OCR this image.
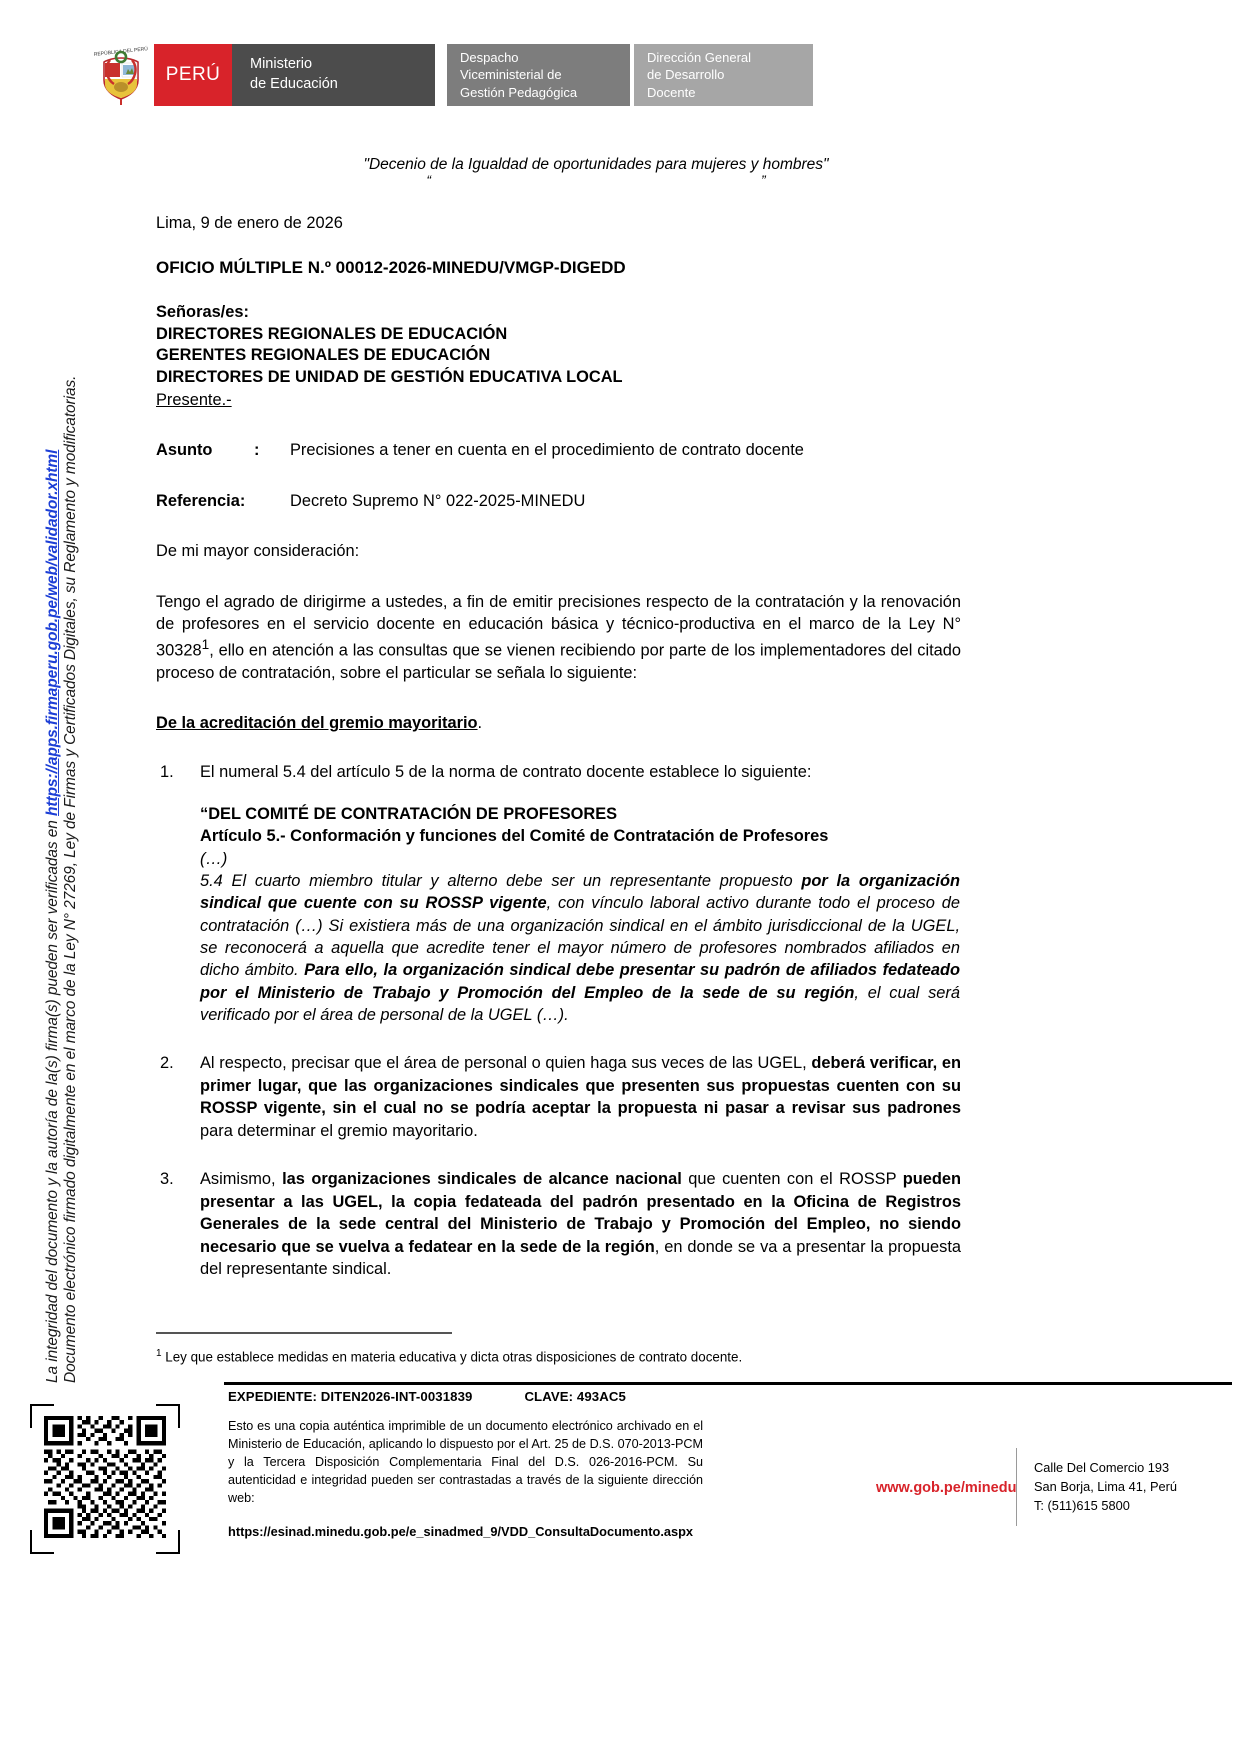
Documento electrónico firmado digitalmente en el marco de la Ley N° 27269, Ley de Firmas y Certificados Digitales, su Reglamento y modificatorias.
La integridad del documento y la autoría de la(s) firma(s) pueden ser verificadas en https://apps.firmaperu.gob.pe/web/validador.xhtml
REPÚBLICA DEL PERÚ
PERÚ Ministerio
de Educación
Despacho
Viceministerial de
Gestión Pedagógica
Dirección General
de Desarrollo
Docente
"Decenio de la Igualdad de oportunidades para mujeres y hombres"
“	”

Lima, 9 de enero de 2026

OFICIO MÚLTIPLE N.º 00012-2026-MINEDU/VMGP-DIGEDD

Señoras/es:

DIRECTORES REGIONALES DE EDUCACIÓN

GERENTES REGIONALES DE EDUCACIÓN

DIRECTORES DE UNIDAD DE GESTIÓN EDUCATIVA LOCAL

Presente.-

Asunto	:	Precisiones a tener en cuenta en el procedimiento de contrato docente
Referencia:	Decreto Supremo N° 022-2025-MINEDU

De mi mayor consideración:

Tengo el agrado de dirigirme a ustedes, a fin de emitir precisiones respecto de la contratación y la renovación de profesores en el servicio docente en educación básica y técnico-productiva en el marco de la Ley N° 30328$^1$, ello en atención a las consultas que se vienen recibiendo por parte de los implementadores del citado proceso de contratación, sobre el particular se señala lo siguiente:

De la acreditación del gremio mayoritario.

1.	El numeral 5.4 del artículo 5 de la norma de contrato docente establece lo siguiente:
“DEL COMITÉ DE CONTRATACIÓN DE PROFESORES
Artículo 5.- Conformación y funciones del Comité de Contratación de Profesores
(…)
5.4 El cuarto miembro titular y alterno debe ser un representante propuesto por la organización sindical que cuente con su ROSSP vigente, con vínculo laboral activo durante todo el proceso de contratación (…) Si existiera más de una organización sindical en el ámbito jurisdiccional de la UGEL, se reconocerá a aquella que acredite tener el mayor número de profesores nombrados afiliados en dicho ámbito. Para ello, la organización sindical debe presentar su padrón de afiliados fedateado por el Ministerio de Trabajo y Promoción del Empleo de la sede de su región, el cual será verificado por el área de personal de la UGEL (…).
2.	Al respecto, precisar que el área de personal o quien haga sus veces de las UGEL, deberá verificar, en primer lugar, que las organizaciones sindicales que presenten sus propuestas cuenten con su ROSSP vigente, sin el cual no se podría aceptar la propuesta ni pasar a revisar sus padrones para determinar el gremio mayoritario.
3.	Asimismo, las organizaciones sindicales de alcance nacional que cuenten con el ROSSP pueden presentar a las UGEL, la copia fedateada del padrón presentado en la Oficina de Registros Generales de la sede central del Ministerio de Trabajo y Promoción del Empleo, no siendo necesario que se vuelva a fedatear en la sede de la región, en donde se va a presentar la propuesta del representante sindical.
$^1$ Ley que establece medidas en materia educativa y dicta otras disposiciones de contrato docente.
EXPEDIENTE: DITEN2026-INT-0031839	CLAVE: 493AC5
Esto es una copia auténtica imprimible de un documento electrónico archivado en el Ministerio de Educación, aplicando lo dispuesto por el Art. 25 de D.S. 070-2013-PCM y la Tercera Disposición Complementaria Final del D.S. 026-2016-PCM. Su autenticidad e integridad pueden ser contrastadas a través de la siguiente dirección web:
https://esinad.minedu.gob.pe/e_sinadmed_9/VDD_ConsultaDocumento.aspx
www.gob.pe/minedu
Calle Del Comercio 193
San Borja, Lima 41, Perú
T: (511)615 5800
